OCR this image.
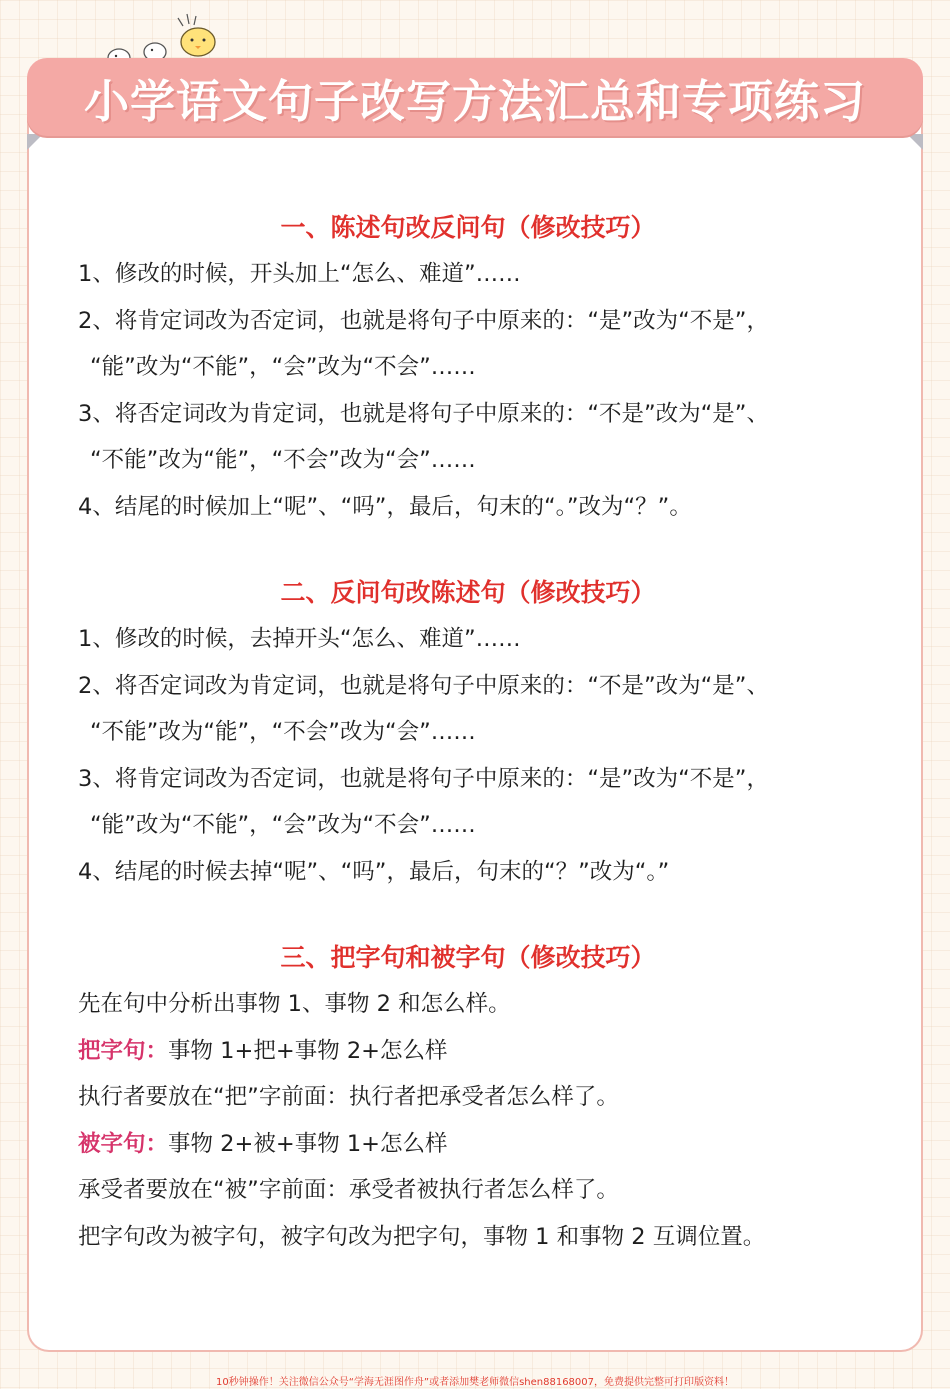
小学语文句子改写方法汇总和专项练习
一、陈述句改反问句（修改技巧）
1、修改的时候，开头加上“怎么、难道”……
2、将肯定词改为否定词，也就是将句子中原来的：“是”改为“不是”，
“能”改为“不能”，“会”改为“不会”……
3、将否定词改为肯定词，也就是将句子中原来的：“不是”改为“是”、
“不能”改为“能”，“不会”改为“会”……
4、结尾的时候加上“呢”、“吗”，最后，句末的“。”改为“？”。
二、反问句改陈述句（修改技巧）
1、修改的时候，去掉开头“怎么、难道”……
2、将否定词改为肯定词，也就是将句子中原来的：“不是”改为“是”、
“不能”改为“能”，“不会”改为“会”……
3、将肯定词改为否定词，也就是将句子中原来的：“是”改为“不是”，
“能”改为“不能”，“会”改为“不会”……
4、结尾的时候去掉“呢”、“吗”，最后，句末的“？”改为“。”
三、把字句和被字句（修改技巧）
先在句中分析出事物 1、事物 2 和怎么样。
把字句：事物 1+把+事物 2+怎么样
执行者要放在“把”字前面：执行者把承受者怎么样了。
被字句：事物 2+被+事物 1+怎么样
承受者要放在“被”字前面：承受者被执行者怎么样了。
把字句改为被字句，被字句改为把字句，事物 1 和事物 2 互调位置。
10秒钟操作！关注微信公众号“学海无涯图作舟”或者添加樊老师微信shen88168007，免费提供完整可打印版资料！
